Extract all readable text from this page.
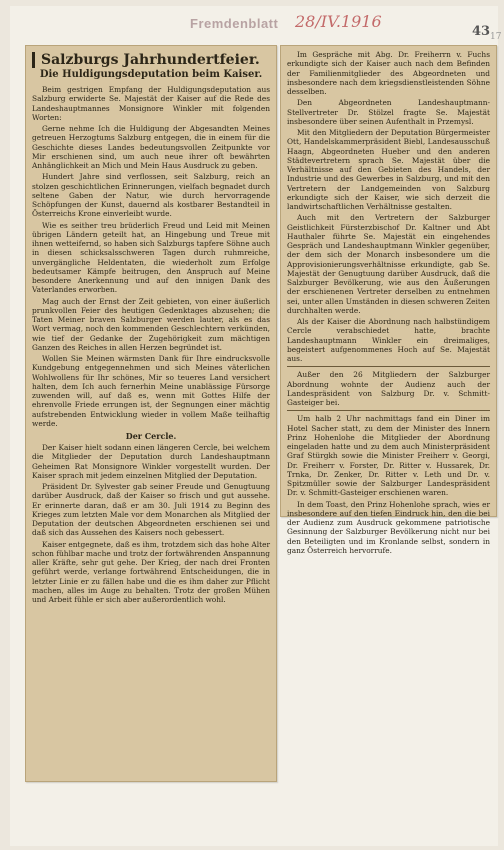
Fremdenblatt 28/IV.1916
43 17
Salzburgs Jahrhundertfeier.
Die Huldigungsdeputation beim Kaiser.

Beim gestrigen Empfang der Huldigungsdeputation aus Salzburg erwiderte Se. Majestät der Kaiser auf die Rede des Landeshauptmannes Monsignore Winkler mit folgenden Worten:

Gerne nehme Ich die Huldigung der Abgesandten Meines getreuen Herzogtums Salzburg entgegen, die in einem für die Geschichte dieses Landes bedeutungsvollen Zeitpunkte vor Mir erschienen sind, um auch neue ihrer oft bewährten Anhänglichkeit an Mich und Mein Haus Ausdruck zu geben.

Hundert Jahre sind verflossen, seit Salzburg, reich an stolzen geschichtlichen Erinnerungen, vielfach begnadet durch seltene Gaben der Natur, wie durch hervorragende Schöpfungen der Kunst, dauernd als kostbarer Bestandteil in Österreichs Krone einverleibt wurde.

Wie es seither treu brüderlich Freud und Leid mit Meinen übrigen Ländern geteilt hat, an Hingebung und Treue mit ihnen wetteifernd, so haben sich Salzburgs tapfere Söhne auch in diesen schicksalsschweren Tagen durch ruhmreiche, unvergängliche Heldentaten, die wiederholt zum Erfolge bedeutsamer Kämpfe beitrugen, den Anspruch auf Meine besondere Anerkennung und auf den innigen Dank des Vaterlandes erworben.

Mag auch der Ernst der Zeit gebieten, von einer äußerlich prunkvollen Feier des heutigen Gedenktages abzusehen; die Taten Meiner braven Salzburger werden lauter, als es das Wort vermag, noch den kommenden Geschlechtern verkünden, wie tief der Gedanke der Zugehörigkeit zum mächtigen Ganzen des Reiches in allen Herzen begründet ist.

Wollen Sie Meinen wärmsten Dank für Ihre eindrucksvolle Kundgebung entgegennehmen und sich Meines väterlichen Wohlwollens für Ihr schönes, Mir so teueres Land versichert halten, dem Ich auch fernerhin Meine unablässige Fürsorge zuwenden will, auf daß es, wenn mit Gottes Hilfe der ehrenvolle Friede errungen ist, der Segnungen einer mächtig aufstrebenden Entwicklung wieder in vollem Maße teilhaftig werde.

Der Cercle.

Der Kaiser hielt sodann einen längeren Cercle, bei welchem die Mitglieder der Deputation durch Landeshauptmann Geheimen Rat Monsignore Winkler vorgestellt wurden. Der Kaiser sprach mit jedem einzelnen Mitglied der Deputation.

Präsident Dr. Sylvester gab seiner Freude und Genugtuung darüber Ausdruck, daß der Kaiser so frisch und gut aussehe. Er erinnerte daran, daß er am 30. Juli 1914 zu Beginn des Krieges zum letzten Male vor dem Monarchen als Mitglied der Deputation der deutschen Abgeordneten erschienen sei und daß sich das Aussehen des Kaisers noch gebessert.

Kaiser entgegnete, daß es ihm, trotzdem sich das hohe Alter schon fühlbar mache und trotz der fortwährenden Anspannung aller Kräfte, sehr gut gehe. Der Krieg, der nach drei Fronten geführt werde, verlange fortwährend Entscheidungen, die in letzter Linie er zu fällen habe und die es ihm daher zur Pflicht machen, alles im Auge zu behalten. Trotz der großen Mühen und Arbeit fühle er sich aber außerordentlich wohl.

Im Gespräche mit Abg. Dr. Freiherrn v. Fuchs erkundigte sich der Kaiser auch nach dem Befinden der Familienmitglieder des Abgeordneten und insbesondere nach dem kriegsdienstleistenden Söhne desselben.

Den Abgeordneten Landeshauptmann-Stellvertreter Dr. Stölzel fragte Se. Majestät insbesondere über seinen Aufenthalt in Przemysl.

Mit den Mitgliedern der Deputation Bürgermeister Ott, Handelskammerpräsident Biebl, Landesausschuß Haagn, Abgeordneten Hueber und den anderen Städtevertretern sprach Se. Majestät über die Verhältnisse auf den Gebieten des Handels, der Industrie und des Gewerbes in Salzburg, und mit den Vertretern der Landgemeinden von Salzburg erkundigte sich der Kaiser, wie sich derzeit die landwirtschaftlichen Verhältnisse gestalten.

Auch mit den Vertretern der Salzburger Geistlichkeit Fürsterzbischof Dr. Kaltner und Abt Hauthaler führte Se. Majestät ein eingehendes Gespräch und Landeshauptmann Winkler gegenüber, der dem sich der Monarch insbesondere um die Approvisionierungsverhältnisse erkundigte, gab Se. Majestät der Genugtuung darüber Ausdruck, daß die Salzburger Bevölkerung, wie aus den Äußerungen der erschienenen Vertreter derselben zu entnehmen sei, unter allen Umständen in diesen schweren Zeiten durchhalten werde.

Als der Kaiser die Abordnung nach halbstündigem Cercle verabschiedet hatte, brachte Landeshauptmann Winkler ein dreimaliges, begeistert aufgenommenes Hoch auf Se. Majestät aus.

Außer den 26 Mitgliedern der Salzburger Abordnung wohnte der Audienz auch der Landespräsident von Salzburg Dr. v. Schmitt-Gasteiger bei.

Um halb 2 Uhr nachmittags fand ein Diner im Hotel Sacher statt, zu dem der Minister des Innern Prinz Hohenlohe die Mitglieder der Abordnung eingeladen hatte und zu dem auch Ministerpräsident Graf Stürgkh sowie die Minister Freiherr v. Georgi, Dr. Freiherr v. Forster, Dr. Ritter v. Hussarek, Dr. Trnka, Dr. Zenker, Dr. Ritter v. Leth und Dr. v. Spitzmüller sowie der Salzburger Landespräsident Dr. v. Schmitt-Gasteiger erschienen waren.

In dem Toast, den Prinz Hohenlohe sprach, wies er insbesondere auf den tiefen Eindruck hin, den die bei der Audienz zum Ausdruck gekommene patriotische Gesinnung der Salzburger Bevölkerung nicht nur bei den Beteiligten und im Kronlande selbst, sondern in ganz Österreich hervorrufe.
